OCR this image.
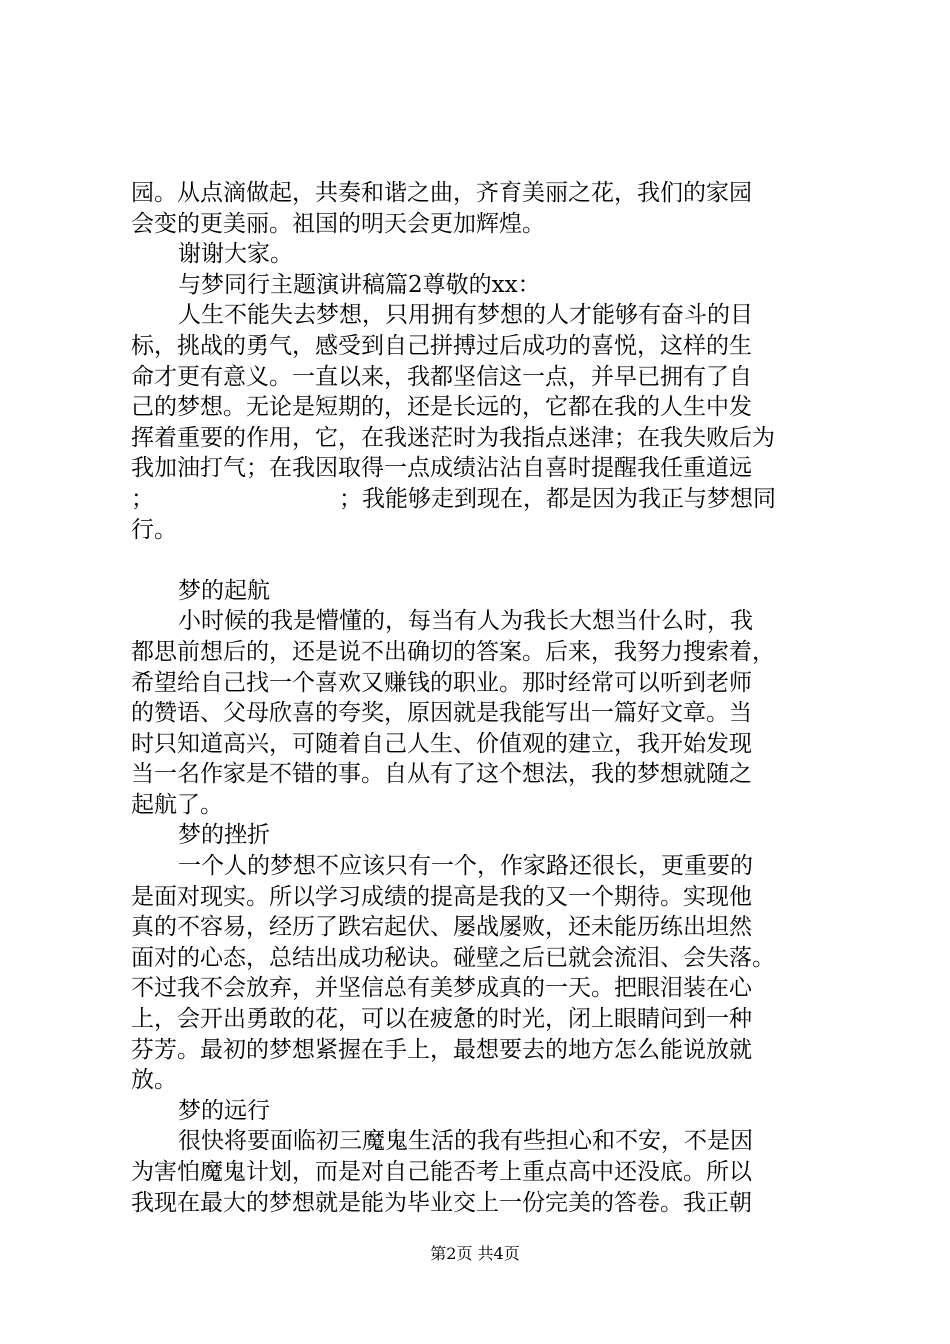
园。从点滴做起，共奏和谐之曲，齐育美丽之花，我们的家园
会变的更美丽。祖国的明天会更加辉煌。
谢谢大家。
与梦同行主题演讲稿篇2尊敬的xx：
人生不能失去梦想，只用拥有梦想的人才能够有奋斗的目
标，挑战的勇气，感受到自己拼搏过后成功的喜悦，这样的生
命才更有意义。一直以来，我都坚信这一点，并早已拥有了自
己的梦想。无论是短期的，还是长远的，它都在我的人生中发
挥着重要的作用，它，在我迷茫时为我指点迷津；在我失败后为
我加油打气；在我因取得一点成绩沾沾自喜时提醒我任重道远
；	；我能够走到现在，都是因为我正与梦想同
行。
梦的起航
小时候的我是懵懂的，每当有人为我长大想当什么时，我
都思前想后的，还是说不出确切的答案。后来，我努力搜索着，
希望给自己找一个喜欢又赚钱的职业。那时经常可以听到老师
的赞语、父母欣喜的夸奖，原因就是我能写出一篇好文章。当
时只知道高兴，可随着自己人生、价值观的建立，我开始发现
当一名作家是不错的事。自从有了这个想法，我的梦想就随之
起航了。
梦的挫折
一个人的梦想不应该只有一个，作家路还很长，更重要的
是面对现实。所以学习成绩的提高是我的又一个期待。实现他
真的不容易，经历了跌宕起伏、屡战屡败，还未能历练出坦然
面对的心态，总结出成功秘诀。碰壁之后已就会流泪、会失落。
不过我不会放弃，并坚信总有美梦成真的一天。把眼泪装在心
上，会开出勇敢的花，可以在疲惫的时光，闭上眼睛问到一种
芬芳。最初的梦想紧握在手上，最想要去的地方怎么能说放就
放。
梦的远行
很快将要面临初三魔鬼生活的我有些担心和不安，不是因
为害怕魔鬼计划，而是对自己能否考上重点高中还没底。所以
我现在最大的梦想就是能为毕业交上一份完美的答卷。我正朝
第2页 共4页
